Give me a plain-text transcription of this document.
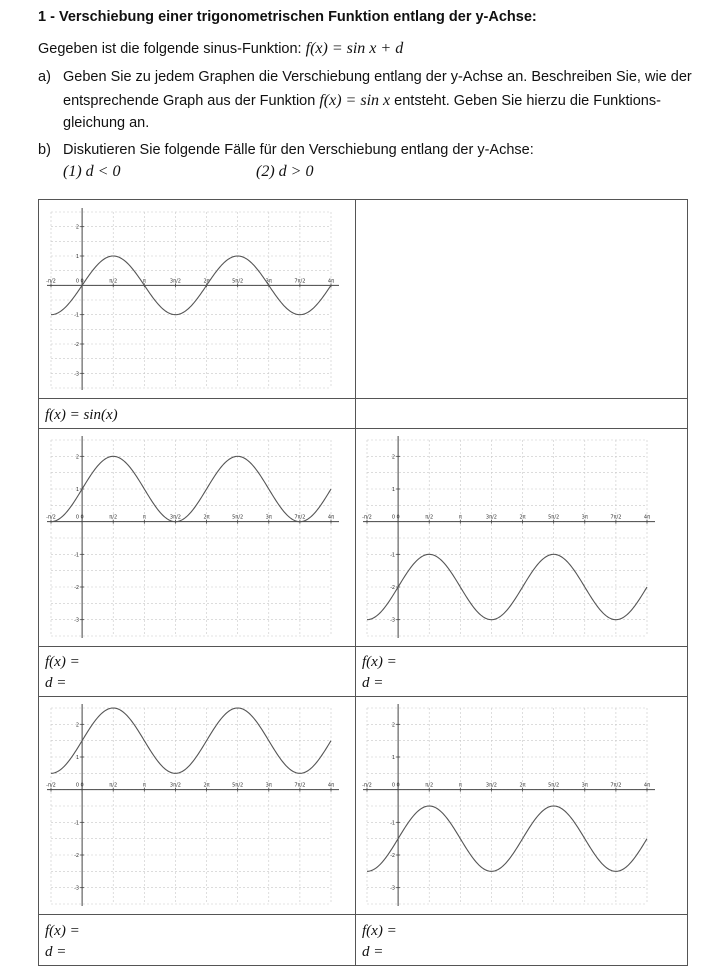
1 - Verschiebung einer trigonometrischen Funktion entlang der y-Achse:
Gegeben ist die folgende sinus-Funktion: f(x) = sin x + d
a) Geben Sie zu jedem Graphen die Verschiebung entlang der y-Achse an. Beschreiben Sie, wie der
entsprechende Graph aus der Funktion f(x) = sin x entsteht. Geben Sie hierzu die Funktions-
gleichung an.
b) Diskutieren Sie folgende Fälle für den Verschiebung entlang der y-Achse:
(1) d < 0	(2) d > 0
-π/2	0	π/2	π	3π/2	2π	5π/2	3π	7π/2	4π
2
1
-1
-2
-3
0
f(x) = sin(x)
-π/2	0	π/2	π	3π/2	2π	5π/2	3π	7π/2	4π
2
1
-1
-2
-3
0	-π/2	0	π/2	π	3π/2	2π	5π/2	3π	7π/2	4π
2
1
-1
-2
-3
0
f(x) =
d =
f(x) =
d =
-π/2	0	π/2	π	3π/2	2π	5π/2	3π	7π/2	4π
2
1
-1
-2
-3
0	-π/2	0	π/2	π	3π/2	2π	5π/2	3π	7π/2	4π
2
1
-1
-2
-3
0
f(x) =
d =
f(x) =
d =
